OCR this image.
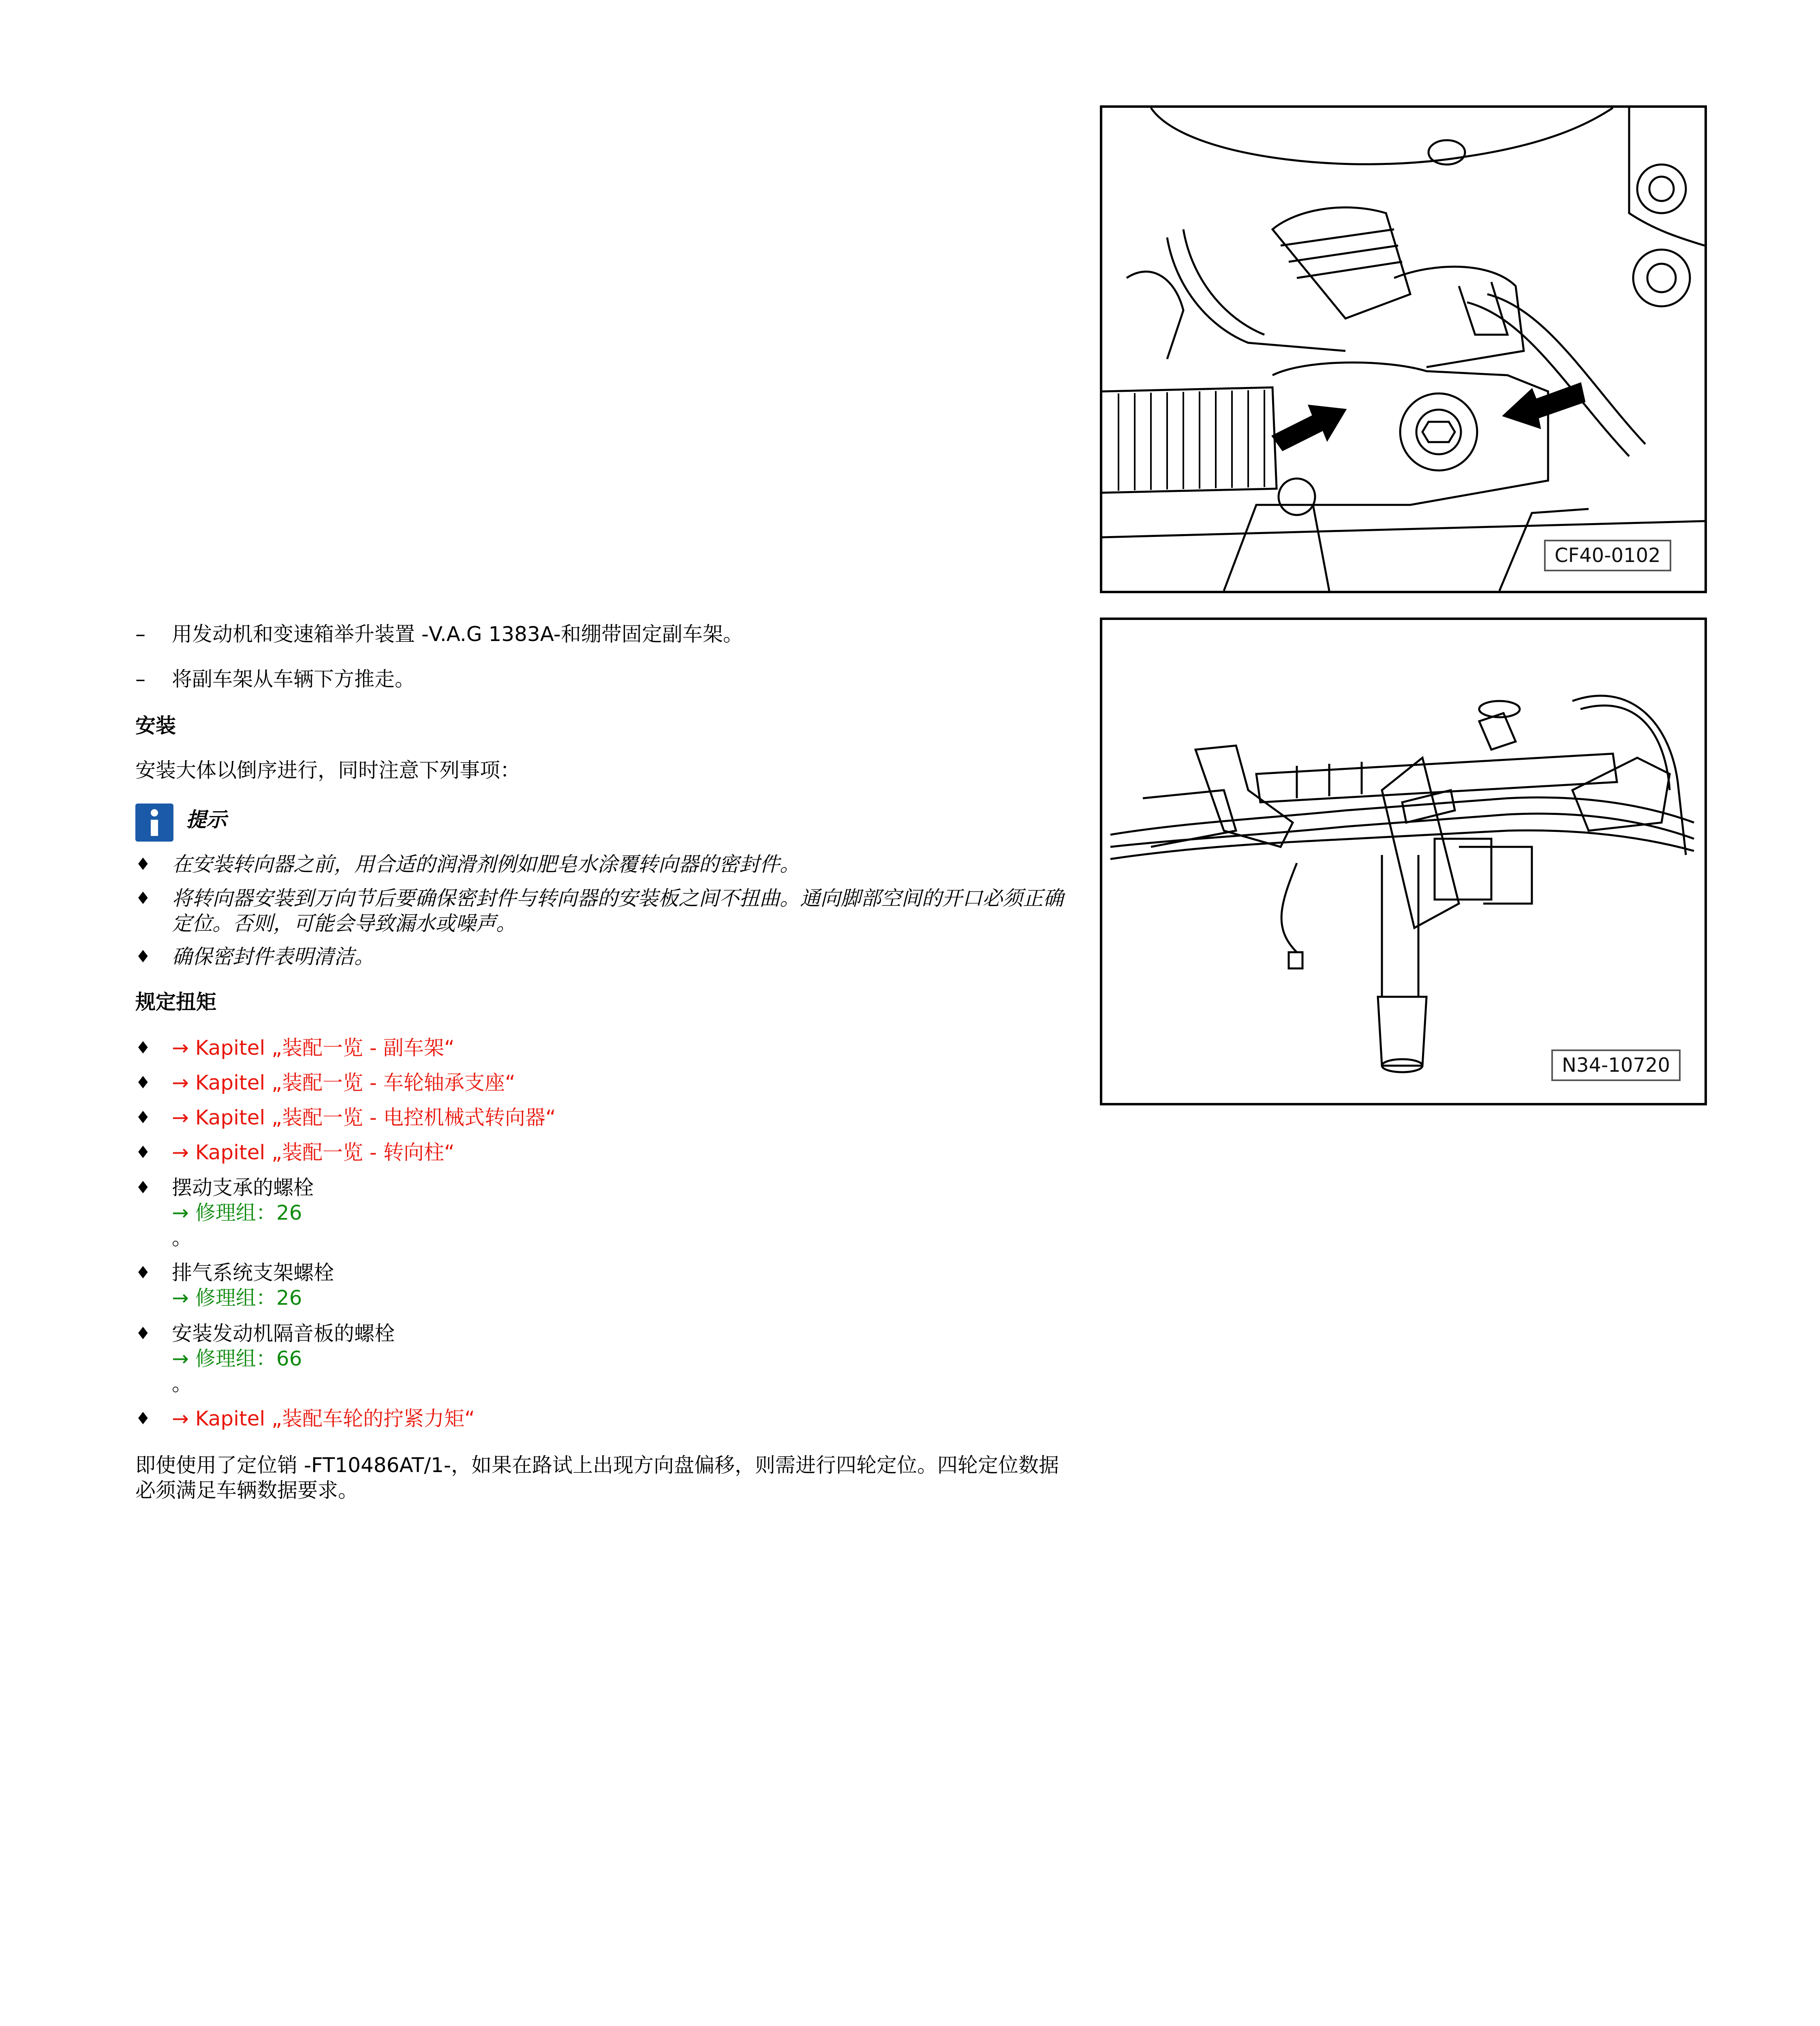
–	用发动机和变速箱举升装置 -V.A.G 1383A-和绷带固定副车架。
–	将副车架从车辆下方推走。
安装
安装大体以倒序进行，同时注意下列事项：
提示
♦	在安装转向器之前，用合适的润滑剂例如肥皂水涂覆转向器的密封件。
♦	将转向器安装到万向节后要确保密封件与转向器的安装板之间不扭曲。通向脚部空间的开口必须正确定位。否则，可能会导致漏水或噪声。
♦	确保密封件表明清洁。
规定扭矩
♦	→ Kapitel „装配一览 - 副车架“
♦	→ Kapitel „装配一览 - 车轮轴承支座“
♦	→ Kapitel „装配一览 - 电控机械式转向器“
♦	→ Kapitel „装配一览 - 转向柱“
♦	摆动支承的螺栓
→ 修理组：26
。
♦	排气系统支架螺栓
→ 修理组：26
♦	安装发动机隔音板的螺栓
→ 修理组：66
。
♦	→ Kapitel „装配车轮的拧紧力矩“
即使使用了定位销 -FT10486AT/1-，如果在路试上出现方向盘偏移，则需进行四轮定位。四轮定位数据必须满足车辆数据要求。
CF40-0102
N34-10720
